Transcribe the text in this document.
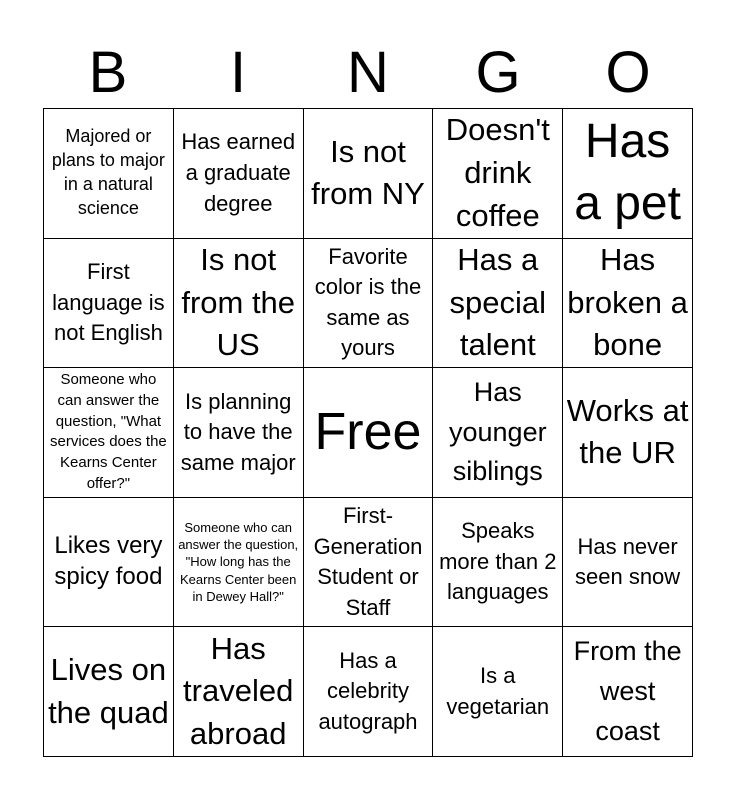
B	I	N	G	O
Majored or plans to major in a natural science
Has earned a graduate degree
Is not from NY
Doesn't drink coffee
Has a pet
First language is not English
Is not from the US
Favorite color is the same as yours
Has a special talent
Has broken a bone
Someone who can answer the question, "What services does the Kearns Center offer?"
Is planning to have the same major
Free
Has younger siblings
Works at the UR
Likes very spicy food
Someone who can answer the question, "How long has the Kearns Center been in Dewey Hall?"
First-Generation Student or Staff
Speaks more than 2 languages
Has never seen snow
Lives on the quad
Has traveled abroad
Has a celebrity autograph
Is a vegetarian
From the west coast
